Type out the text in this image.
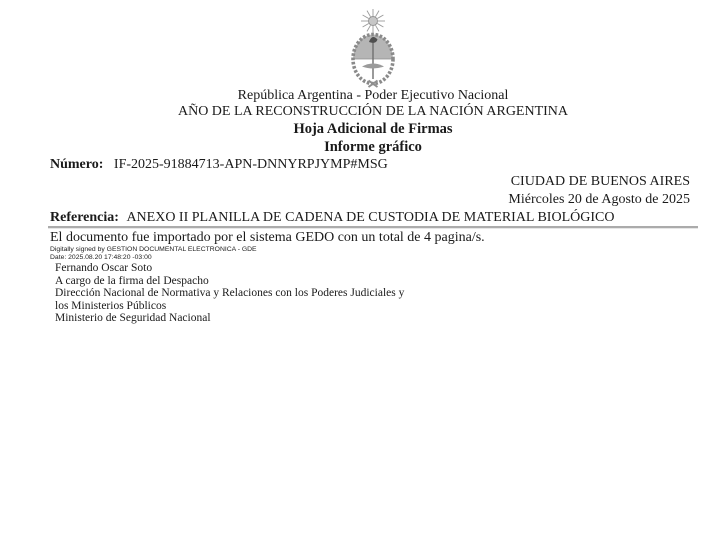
República Argentina - Poder Ejecutivo Nacional
AÑO DE LA RECONSTRUCCIÓN DE LA NACIÓN ARGENTINA
Hoja Adicional de Firmas
Informe gráfico
Número: IF-2025-91884713-APN-DNNYRPJYMP#MSG
CIUDAD DE BUENOS AIRES
Miércoles 20 de Agosto de 2025
Referencia: ANEXO II PLANILLA DE CADENA DE CUSTODIA DE MATERIAL BIOLÓGICO
El documento fue importado por el sistema GEDO con un total de 4 pagina/s.
Digitally signed by GESTION DOCUMENTAL ELECTRONICA - GDE
Date: 2025.08.20 17:48:20 -03:00
Fernando Oscar Soto
A cargo de la firma del Despacho
Dirección Nacional de Normativa y Relaciones con los Poderes Judiciales y
los Ministerios Públicos
Ministerio de Seguridad Nacional
